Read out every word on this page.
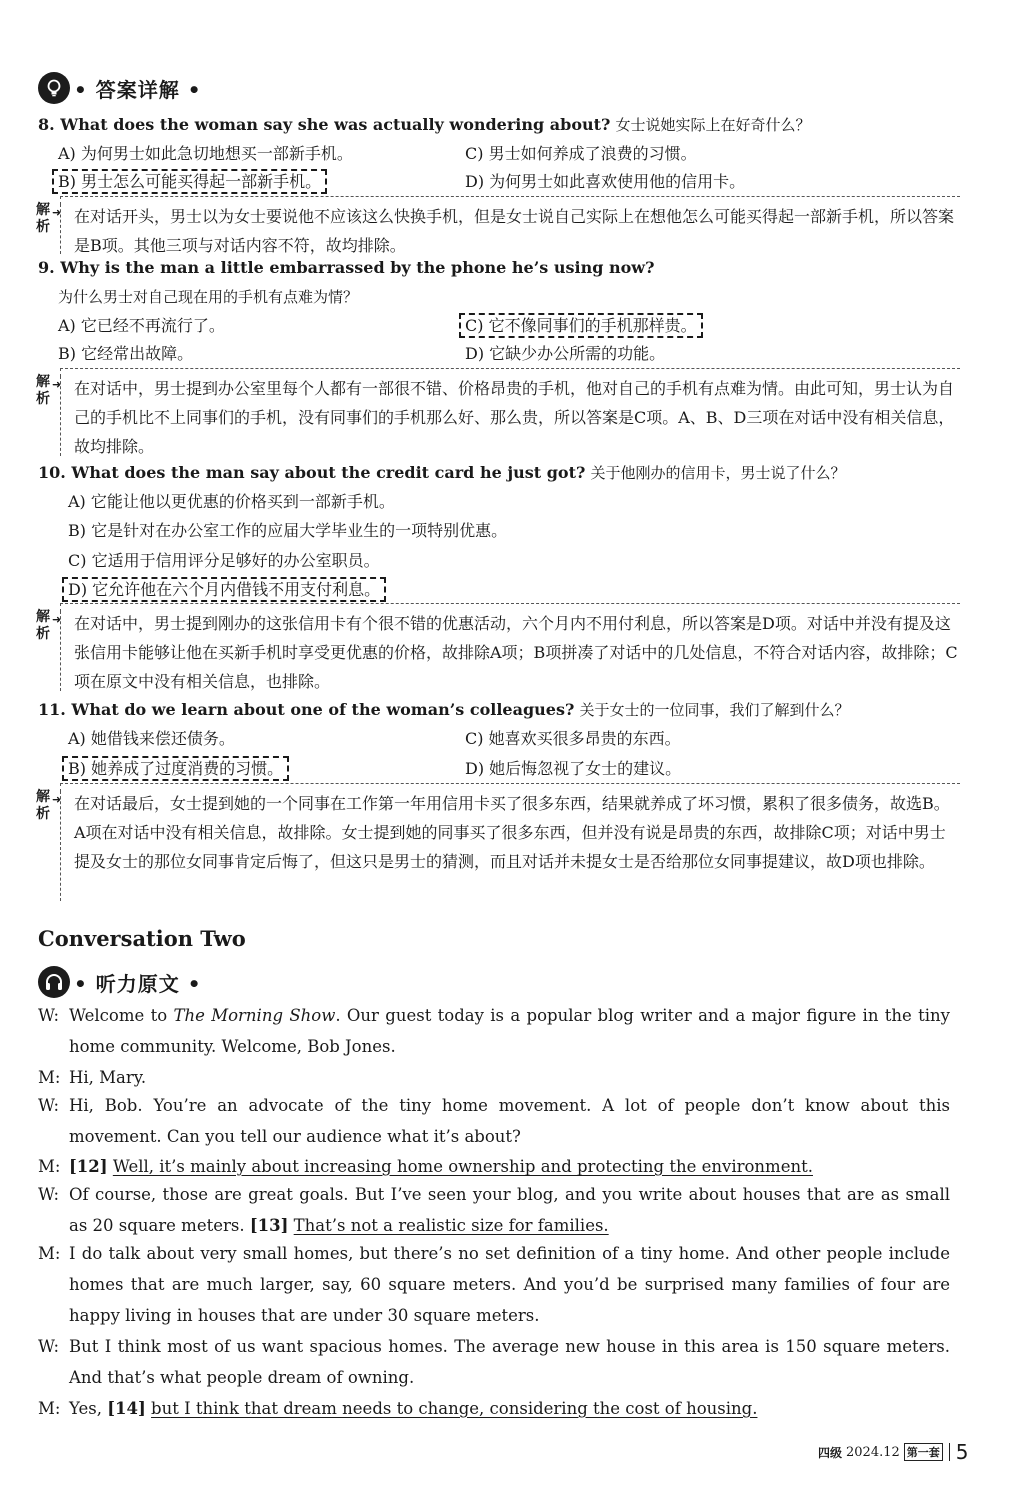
• 答案详解 •
8. What does the woman say she was actually wondering about? 女士说她实际上在好奇什么？
A) 为何男士如此急切地想买一部新手机。	C) 男士如何养成了浪费的习惯。
B) 男士怎么可能买得起一部新手机。	D) 为何男士如此喜欢使用他的信用卡。
解
析
➜ 在对话开头，男士以为女士要说他不应该这么快换手机，但是女士说自己实际上在想他怎么可能买得起一部新手机，所以答案是B项。其他三项与对话内容不符，故均排除。
9. Why is the man a little embarrassed by the phone he’s using now?
为什么男士对自己现在用的手机有点难为情？
A) 它已经不再流行了。	C) 它不像同事们的手机那样贵。
B) 它经常出故障。	D) 它缺少办公所需的功能。
解
析
➜ 在对话中，男士提到办公室里每个人都有一部很不错、价格昂贵的手机，他对自己的手机有点难为情。由此可知，男士认为自己的手机比不上同事们的手机，没有同事们的手机那么好、那么贵，所以答案是C项。A、B、D三项在对话中没有相关信息，故均排除。
10. What does the man say about the credit card he just got? 关于他刚办的信用卡，男士说了什么？
A) 它能让他以更优惠的价格买到一部新手机。
B) 它是针对在办公室工作的应届大学毕业生的一项特别优惠。
C) 它适用于信用评分足够好的办公室职员。
D) 它允许他在六个月内借钱不用支付利息。
解
析
➜ 在对话中，男士提到刚办的这张信用卡有个很不错的优惠活动，六个月内不用付利息，所以答案是D项。对话中并没有提及这张信用卡能够让他在买新手机时享受更优惠的价格，故排除A项；B项拼凑了对话中的几处信息，不符合对话内容，故排除；C项在原文中没有相关信息，也排除。
11. What do we learn about one of the woman’s colleagues? 关于女士的一位同事，我们了解到什么？
A) 她借钱来偿还债务。	C) 她喜欢买很多昂贵的东西。
B) 她养成了过度消费的习惯。	D) 她后悔忽视了女士的建议。
解
析
➜ 在对话最后，女士提到她的一个同事在工作第一年用信用卡买了很多东西，结果就养成了坏习惯，累积了很多债务，故选B。A项在对话中没有相关信息，故排除。女士提到她的同事买了很多东西，但并没有说是昂贵的东西，故排除C项；对话中男士提及女士的那位女同事肯定后悔了，但这只是男士的猜测，而且对话并未提女士是否给那位女同事提建议，故D项也排除。
Conversation Two
• 听力原文 •
W: Welcome to The Morning Show. Our guest today is a popular blog writer and a major figure in the tiny home community. Welcome, Bob Jones.
M: Hi, Mary.
W: Hi, Bob. You’re an advocate of the tiny home movement. A lot of people don’t know about this movement. Can you tell our audience what it’s about?
M: [12] Well, it’s mainly about increasing home ownership and protecting the environment.
W: Of course, those are great goals. But I’ve seen your blog, and you write about houses that are as small as 20 square meters. [13] That’s not a realistic size for families.
M: I do talk about very small homes, but there’s no set definition of a tiny home. And other people include homes that are much larger, say, 60 square meters. And you’d be surprised many families of four are happy living in houses that are under 30 square meters.
W: But I think most of us want spacious homes. The average new house in this area is 150 square meters. And that’s what people dream of owning.
M: Yes, [14] but I think that dream needs to change, considering the cost of housing.
四级 2024.12 第一套 5
